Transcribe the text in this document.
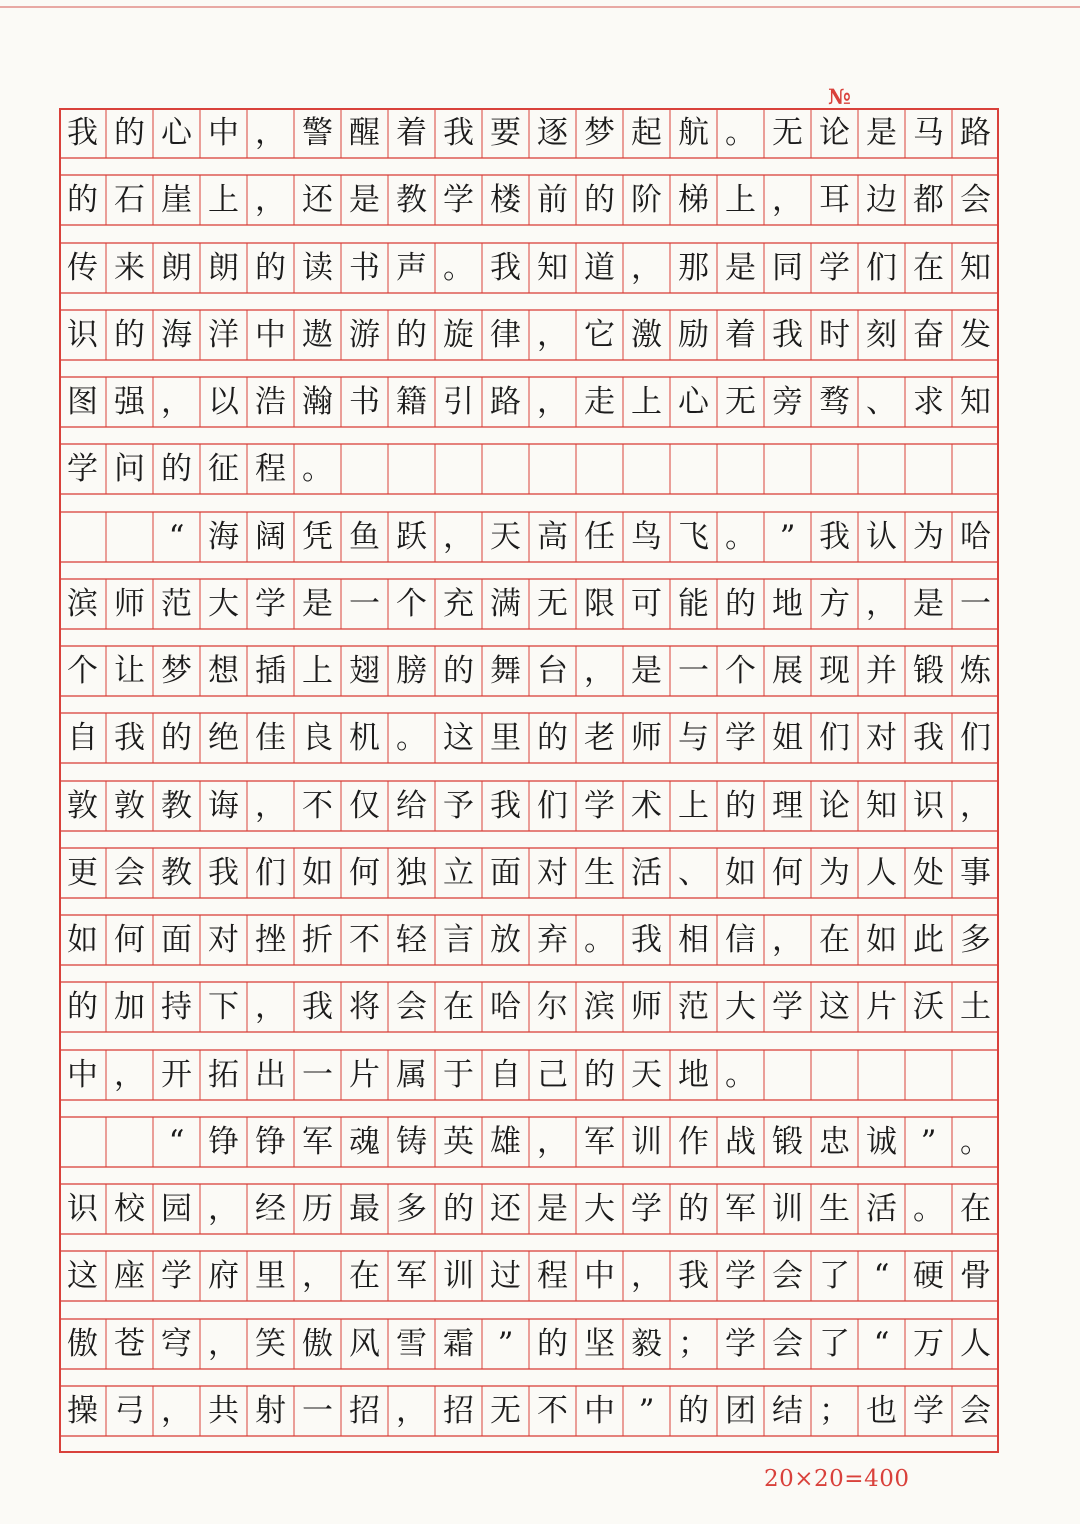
№
我 的 心 中 ， 警 醒 着 我 要 逐 梦 起 航 。 无 论 是 马 路
的 石 崖 上 ， 还 是 教 学 楼 前 的 阶 梯 上 ， 耳 边 都 会
传 来 朗 朗 的 读 书 声 。 我 知 道 ， 那 是 同 学 们 在 知
识 的 海 洋 中 遨 游 的 旋 律 ， 它 激 励 着 我 时 刻 奋 发
图 强 ， 以 浩 瀚 书 籍 引 路 ， 走 上 心 无 旁 骛 、 求 知
学 问 的 征 程 。
“ 海 阔 凭 鱼 跃 ， 天 高 任 鸟 飞 。 ” 我 认 为 哈
滨 师 范 大 学 是 一 个 充 满 无 限 可 能 的 地 方 ， 是 一
个 让 梦 想 插 上 翅 膀 的 舞 台 ， 是 一 个 展 现 并 锻 炼
自 我 的 绝 佳 良 机 。 这 里 的 老 师 与 学 姐 们 对 我 们
敦 敦 教 诲 ， 不 仅 给 予 我 们 学 术 上 的 理 论 知 识 ，
更 会 教 我 们 如 何 独 立 面 对 生 活 、 如 何 为 人 处 事
如 何 面 对 挫 折 不 轻 言 放 弃 。 我 相 信 ， 在 如 此 多
的 加 持 下 ， 我 将 会 在 哈 尔 滨 师 范 大 学 这 片 沃 土
中 ， 开 拓 出 一 片 属 于 自 己 的 天 地 。
“ 铮 铮 军 魂 铸 英 雄 ， 军 训 作 战 锻 忠 诚 ” 。
识 校 园 ， 经 历 最 多 的 还 是 大 学 的 军 训 生 活 。 在
这 座 学 府 里 ， 在 军 训 过 程 中 ， 我 学 会 了 “ 硬 骨
傲 苍 穹 ， 笑 傲 风 雪 霜 ” 的 坚 毅 ； 学 会 了 “ 万 人
操 弓 ， 共 射 一 招 ， 招 无 不 中 ” 的 团 结 ； 也 学 会
20×20=400
